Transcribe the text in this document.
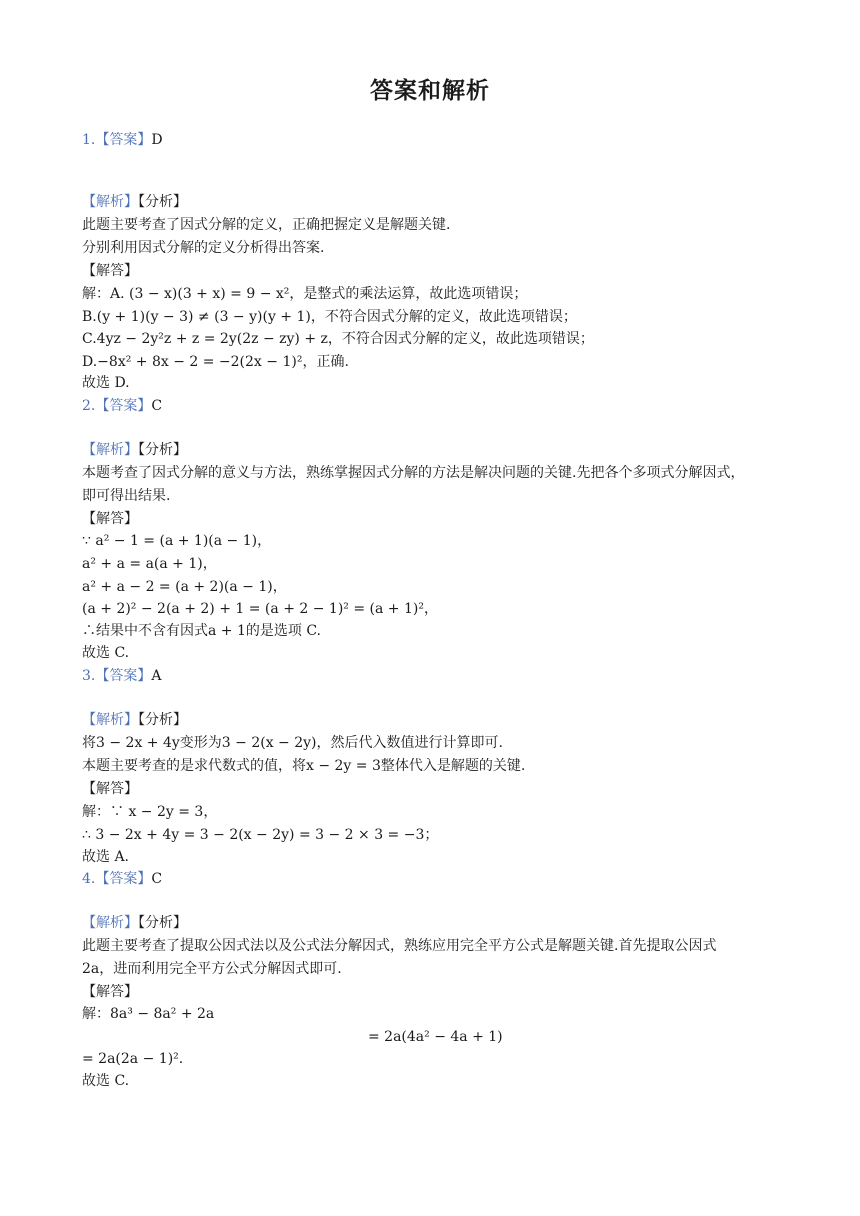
答案和解析
1.【答案】D
【解析】【分析】
此题主要考查了因式分解的定义，正确把握定义是解题关键.
分别利用因式分解的定义分析得出答案.
【解答】
解：A. (3 − x)(3 + x) = 9 − x²，是整式的乘法运算，故此选项错误；
B.(y + 1)(y − 3) ≠ (3 − y)(y + 1)，不符合因式分解的定义，故此选项错误；
C.4yz − 2y²z + z = 2y(2z − zy) + z，不符合因式分解的定义，故此选项错误；
D.−8x² + 8x − 2 = −2(2x − 1)²，正确.
故选 D.
2.【答案】C
【解析】【分析】
本题考查了因式分解的意义与方法，熟练掌握因式分解的方法是解决问题的关键.先把各个多项式分解因式，
即可得出结果.
【解答】
∵ a² − 1 = (a + 1)(a − 1)，
a² + a = a(a + 1)，
a² + a − 2 = (a + 2)(a − 1)，
(a + 2)² − 2(a + 2) + 1 = (a + 2 − 1)² = (a + 1)²，
∴结果中不含有因式a + 1的是选项 C.
故选 C.
3.【答案】A
【解析】【分析】
将3 − 2x + 4y变形为3 − 2(x − 2y)，然后代入数值进行计算即可.
本题主要考查的是求代数式的值，将x − 2y = 3整体代入是解题的关键.
【解答】
解：∵ x − 2y = 3，
∴ 3 − 2x + 4y = 3 − 2(x − 2y) = 3 − 2 × 3 = −3；
故选 A.
4.【答案】C
【解析】【分析】
此题主要考查了提取公因式法以及公式法分解因式，熟练应用完全平方公式是解题关键.首先提取公因式
2a，进而利用完全平方公式分解因式即可.
【解答】
解：8a³ − 8a² + 2a
= 2a(4a² − 4a + 1)
= 2a(2a − 1)².
故选 C.
